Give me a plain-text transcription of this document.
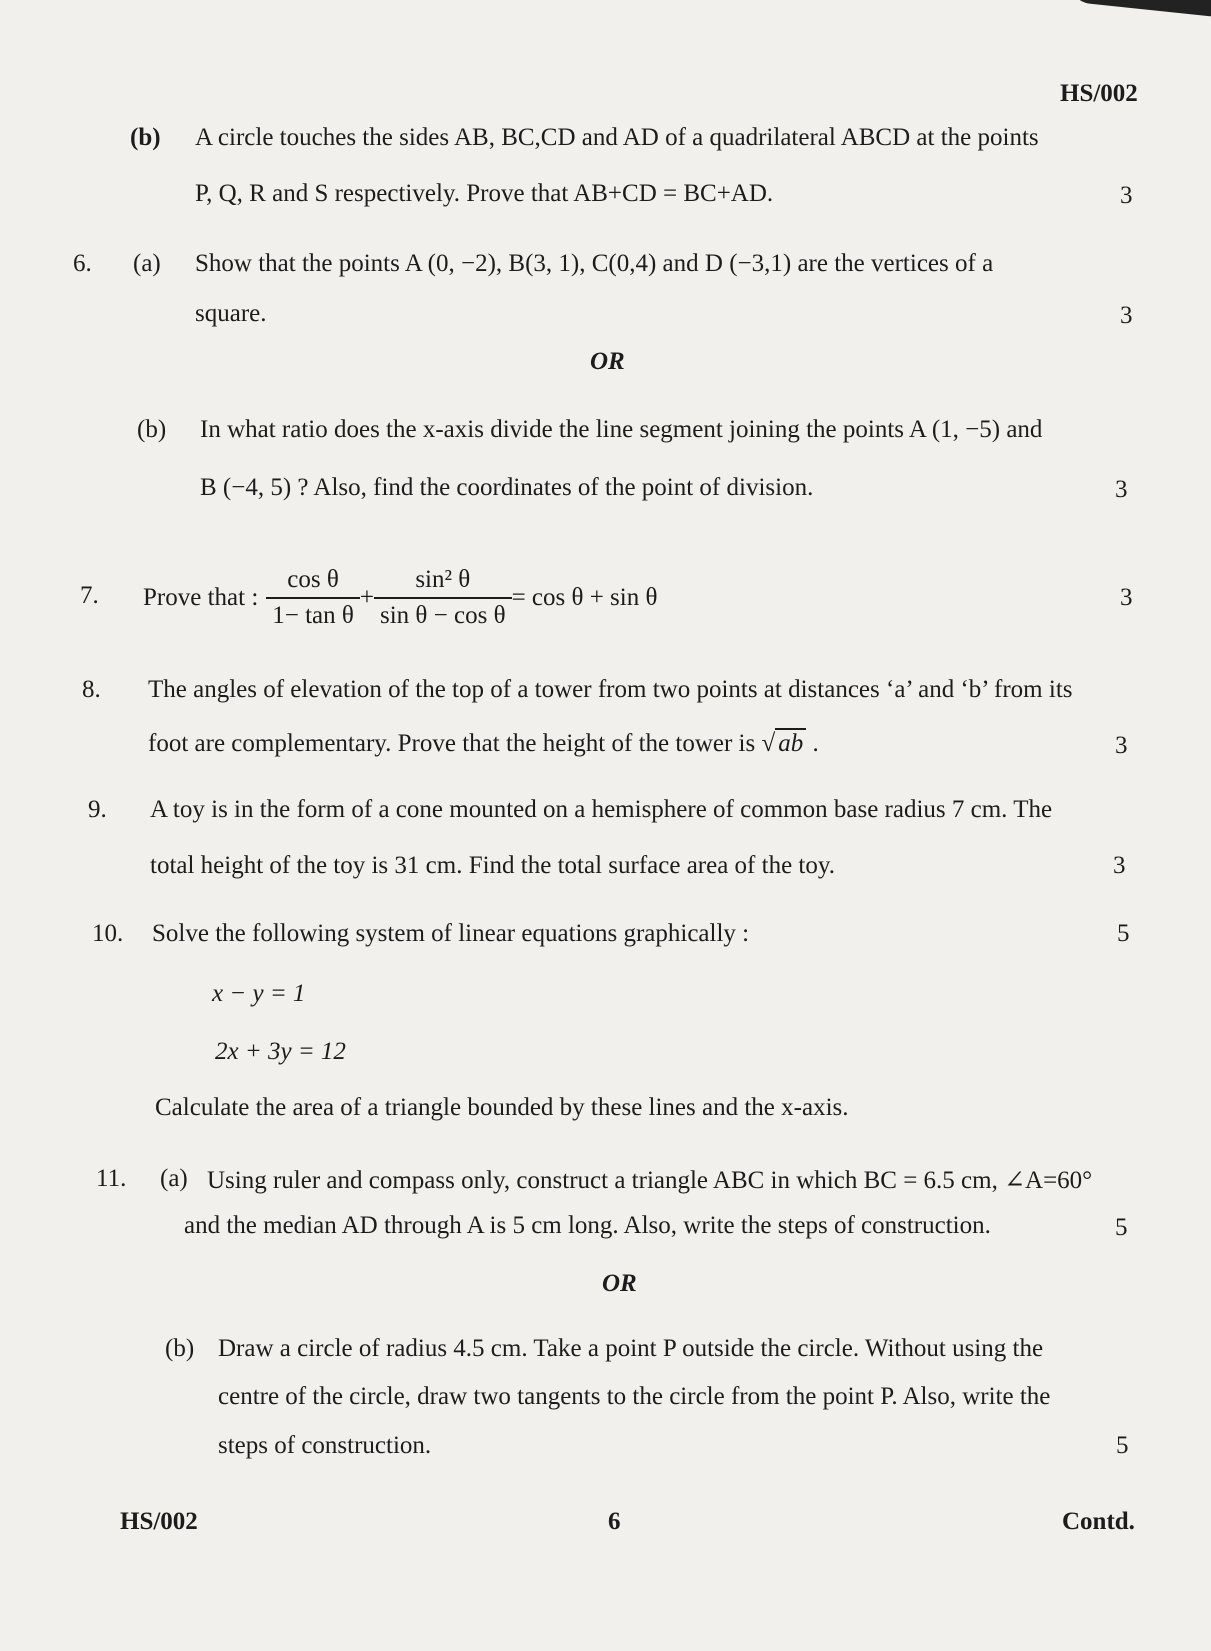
HS/002
(b) A circle touches the sides AB, BC,CD and AD of a quadrilateral ABCD at the points
P, Q, R and S respectively. Prove that AB+CD = BC+AD.	3
6. (a) Show that the points A (0, −2), B(3, 1), C(0,4) and D (−3,1) are the vertices of a
square.	3
OR
(b) In what ratio does the x-axis divide the line segment joining the points A (1, −5) and
B (−4, 5) ? Also, find the coordinates of the point of division.	3
7. Prove that : $\frac{\text{cos θ}}{\text{1− tan θ}} + \frac{\text{sin² θ}}{\text{sin θ − cos θ}} = \cos \theta + \sin \theta$	3
8. The angles of elevation of the top of a tower from two points at distances ‘a’ and ‘b’ from its
foot are complementary. Prove that the height of the tower is √ ab .	3
9. A toy is in the form of a cone mounted on a hemisphere of common base radius 7 cm. The
total height of the toy is 31 cm. Find the total surface area of the toy.	3
10. Solve the following system of linear equations graphically :	5
x − y = 1
2x + 3y = 12
Calculate the area of a triangle bounded by these lines and the x-axis.
11. (a) Using ruler and compass only, construct a triangle ABC in which BC = 6.5 cm, ∠A=60°
and the median AD through A is 5 cm long. Also, write the steps of construction.	5
OR
(b) Draw a circle of radius 4.5 cm. Take a point P outside the circle. Without using the
centre of the circle, draw two tangents to the circle from the point P. Also, write the
steps of construction.	5
HS/002	6	Contd.
